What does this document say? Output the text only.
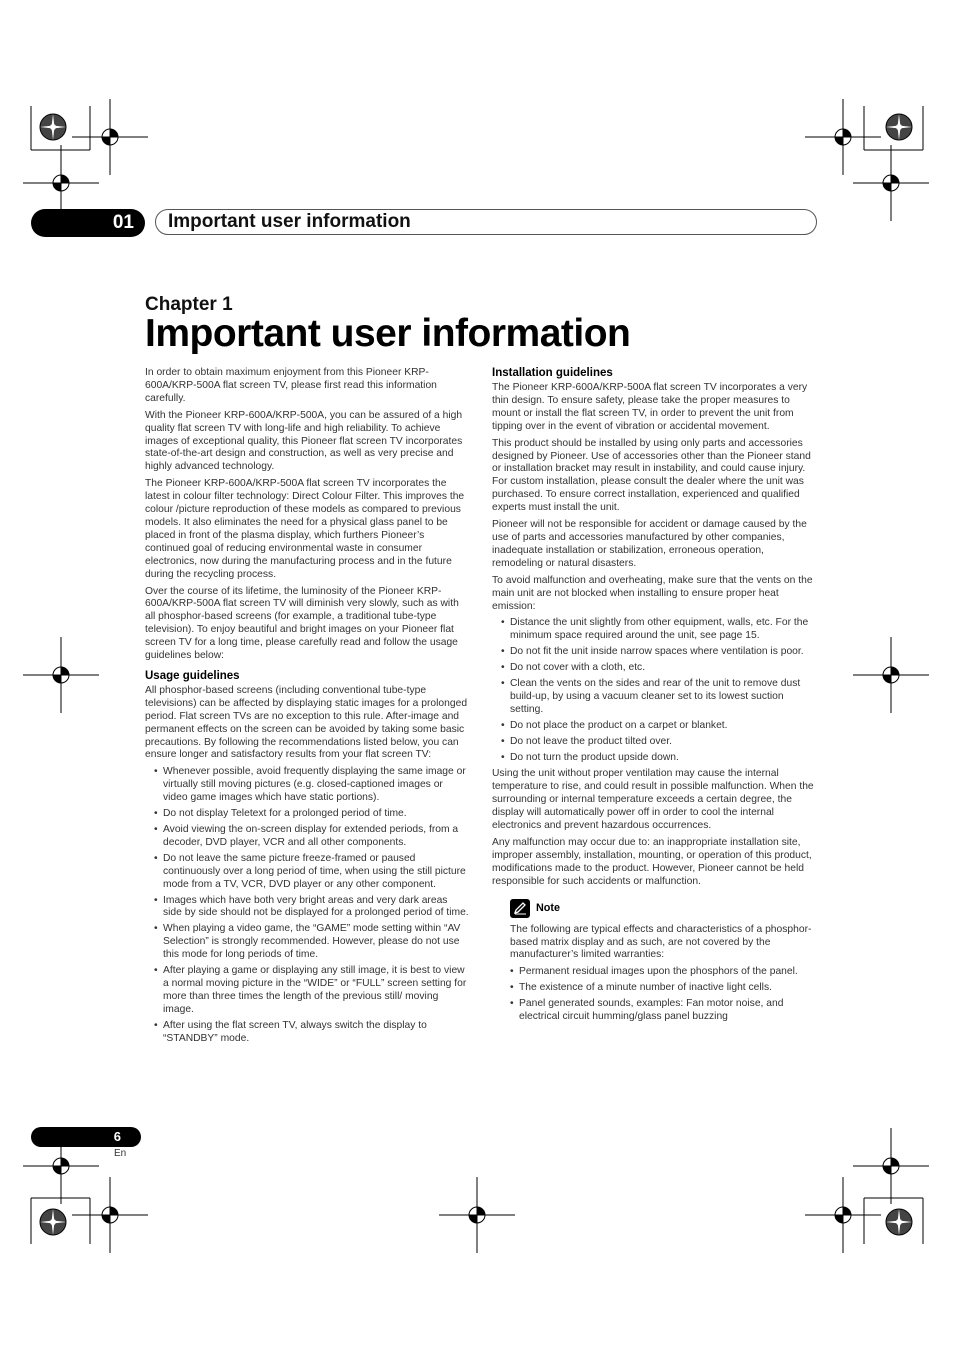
01	Important user information
Chapter 1
Important user information

In order to obtain maximum enjoyment from this Pioneer KRP-600A/KRP-500A flat screen TV, please first read this information carefully.

With the Pioneer KRP-600A/KRP-500A, you can be assured of a high quality flat screen TV with long-life and high reliability. To achieve images of exceptional quality, this Pioneer flat screen TV incorporates state-of-the-art design and construction, as well as very precise and highly advanced technology.

The Pioneer KRP-600A/KRP-500A flat screen TV incorporates the latest in colour filter technology: Direct Colour Filter. This improves the colour /picture reproduction of these models as compared to previous models. It also eliminates the need for a physical glass panel to be placed in front of the plasma display, which furthers Pioneer’s continued goal of reducing environmental waste in consumer electronics, now during the manufacturing process and in the future during the recycling process.

Over the course of its lifetime, the luminosity of the Pioneer KRP-600A/KRP-500A flat screen TV will diminish very slowly, such as with all phosphor-based screens (for example, a traditional tube-type television). To enjoy beautiful and bright images on your Pioneer flat screen TV for a long time, please carefully read and follow the usage guidelines below:

Usage guidelines

All phosphor-based screens (including conventional tube-type televisions) can be affected by displaying static images for a prolonged period. Flat screen TVs are no exception to this rule. After-image and permanent effects on the screen can be avoided by taking some basic precautions. By following the recommendations listed below, you can ensure longer and satisfactory results from your flat screen TV:

• Whenever possible, avoid frequently displaying the same image or virtually still moving pictures (e.g. closed-captioned images or video game images which have static portions).
• Do not display Teletext for a prolonged period of time.
• Avoid viewing the on-screen display for extended periods, from a decoder, DVD player, VCR and all other components.
• Do not leave the same picture freeze-framed or paused continuously over a long period of time, when using the still picture mode from a TV, VCR, DVD player or any other component.
• Images which have both very bright areas and very dark areas side by side should not be displayed for a prolonged period of time.
• When playing a video game, the “GAME” mode setting within “AV Selection” is strongly recommended. However, please do not use this mode for long periods of time.
• After playing a game or displaying any still image, it is best to view a normal moving picture in the “WIDE” or “FULL” screen setting for more than three times the length of the previous still/ moving image.
• After using the flat screen TV, always switch the display to “STANDBY” mode.
Installation guidelines

The Pioneer KRP-600A/KRP-500A flat screen TV incorporates a very thin design. To ensure safety, please take the proper measures to mount or install the flat screen TV, in order to prevent the unit from tipping over in the event of vibration or accidental movement.

This product should be installed by using only parts and accessories designed by Pioneer. Use of accessories other than the Pioneer stand or installation bracket may result in instability, and could cause injury. For custom installation, please consult the dealer where the unit was purchased. To ensure correct installation, experienced and qualified experts must install the unit.

Pioneer will not be responsible for accident or damage caused by the use of parts and accessories manufactured by other companies, inadequate installation or stabilization, erroneous operation, remodeling or natural disasters.

To avoid malfunction and overheating, make sure that the vents on the main unit are not blocked when installing to ensure proper heat emission:

• Distance the unit slightly from other equipment, walls, etc. For the minimum space required around the unit, see page 15.
• Do not fit the unit inside narrow spaces where ventilation is poor.
• Do not cover with a cloth, etc.
• Clean the vents on the sides and rear of the unit to remove dust build-up, by using a vacuum cleaner set to its lowest suction setting.
• Do not place the product on a carpet or blanket.
• Do not leave the product tilted over.
• Do not turn the product upside down.

Using the unit without proper ventilation may cause the internal temperature to rise, and could result in possible malfunction. When the surrounding or internal temperature exceeds a certain degree, the display will automatically power off in order to cool the internal electronics and prevent hazardous occurrences.

Any malfunction may occur due to: an inappropriate installation site, improper assembly, installation, mounting, or operation of this product, modifications made to the product. However, Pioneer cannot be held responsible for such accidents or malfunction.

Note

The following are typical effects and characteristics of a phosphor-based matrix display and as such, are not covered by the manufacturer’s limited warranties:

• Permanent residual images upon the phosphors of the panel.
• The existence of a minute number of inactive light cells.
• Panel generated sounds, examples: Fan motor noise, and electrical circuit humming/glass panel buzzing
6
En
